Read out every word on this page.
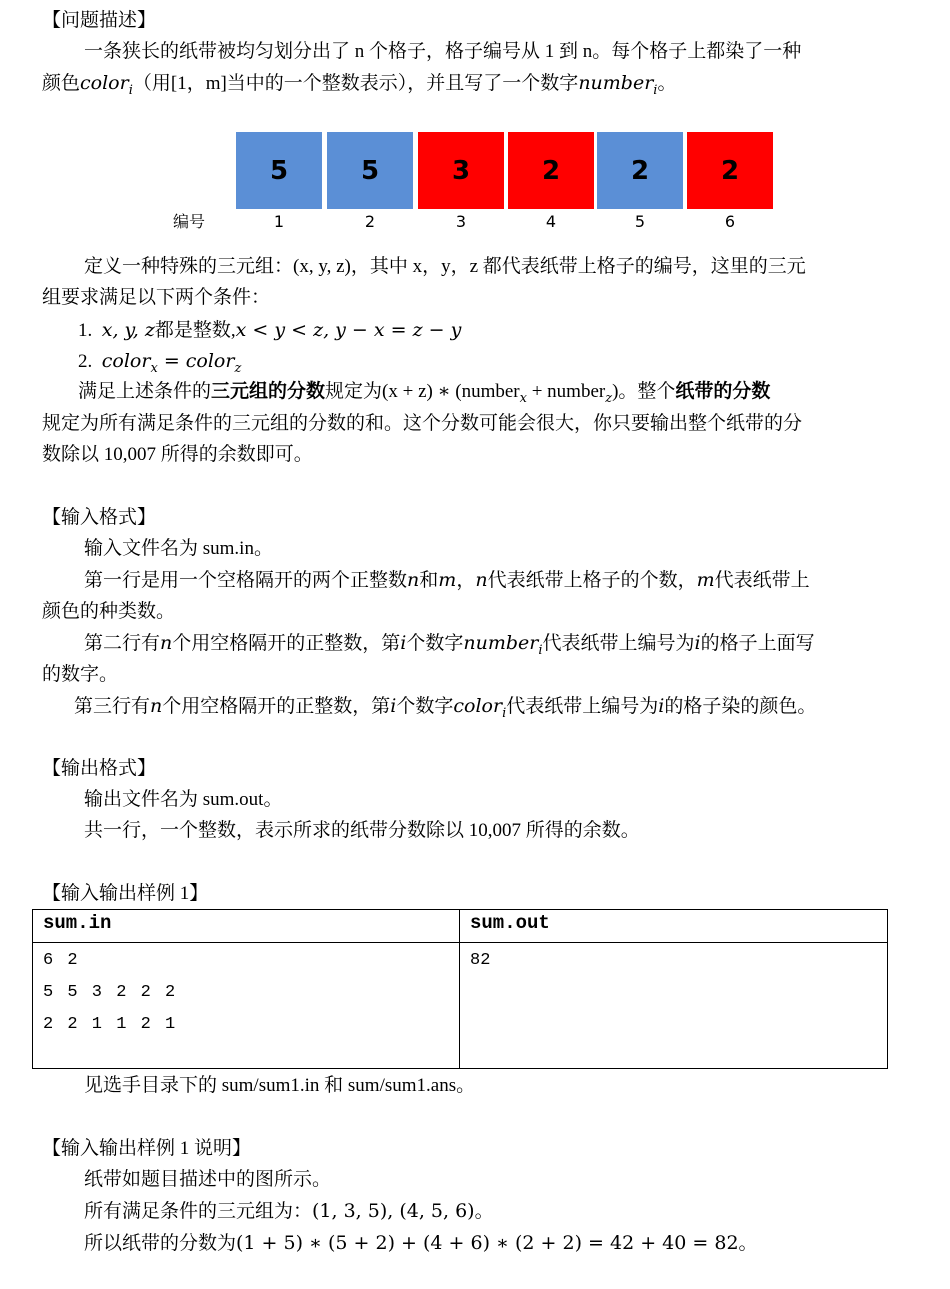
【问题描述】
一条狭长的纸带被均匀划分出了 n 个格子，格子编号从 1 到 n。每个格子上都染了一种
颜色color$_i$（用[1，m]当中的一个整数表示），并且写了一个数字number$_i$。
5	5	3	2	2	2
编号	1	2	3	4	5	6
定义一种特殊的三元组：(x, y, z)，其中 x，y，z 都代表纸带上格子的编号，这里的三元
组要求满足以下两个条件：
1. x, y, z都是整数,x < y < z, y − x = z − y
2. color$_x$ = color$_z$
满足上述条件的三元组的分数规定为(x + z) ∗ (number$_x$ + number$_z$)。整个纸带的分数
规定为所有满足条件的三元组的分数的和。这个分数可能会很大，你只要输出整个纸带的分
数除以 10,007 所得的余数即可。
【输入格式】
输入文件名为 sum.in。
第一行是用一个空格隔开的两个正整数n和m，n代表纸带上格子的个数，m代表纸带上
颜色的种类数。
第二行有n个用空格隔开的正整数，第i个数字number$_i$代表纸带上编号为i的格子上面写
的数字。
第三行有n个用空格隔开的正整数，第i个数字color$_i$代表纸带上编号为i的格子染的颜色。
【输出格式】
输出文件名为 sum.out。
共一行，一个整数，表示所求的纸带分数除以 10,007 所得的余数。
【输入输出样例 1】
sum.in	sum.out

6 2
5 5 3 2 2 2
2 2 1 1 2 1	82
见选手目录下的 sum/sum1.in 和 sum/sum1.ans。
【输入输出样例 1 说明】
纸带如题目描述中的图所示。
所有满足条件的三元组为：(1, 3, 5), (4, 5, 6)。
所以纸带的分数为(1 + 5) ∗ (5 + 2) + (4 + 6) ∗ (2 + 2) = 42 + 40 = 82。
